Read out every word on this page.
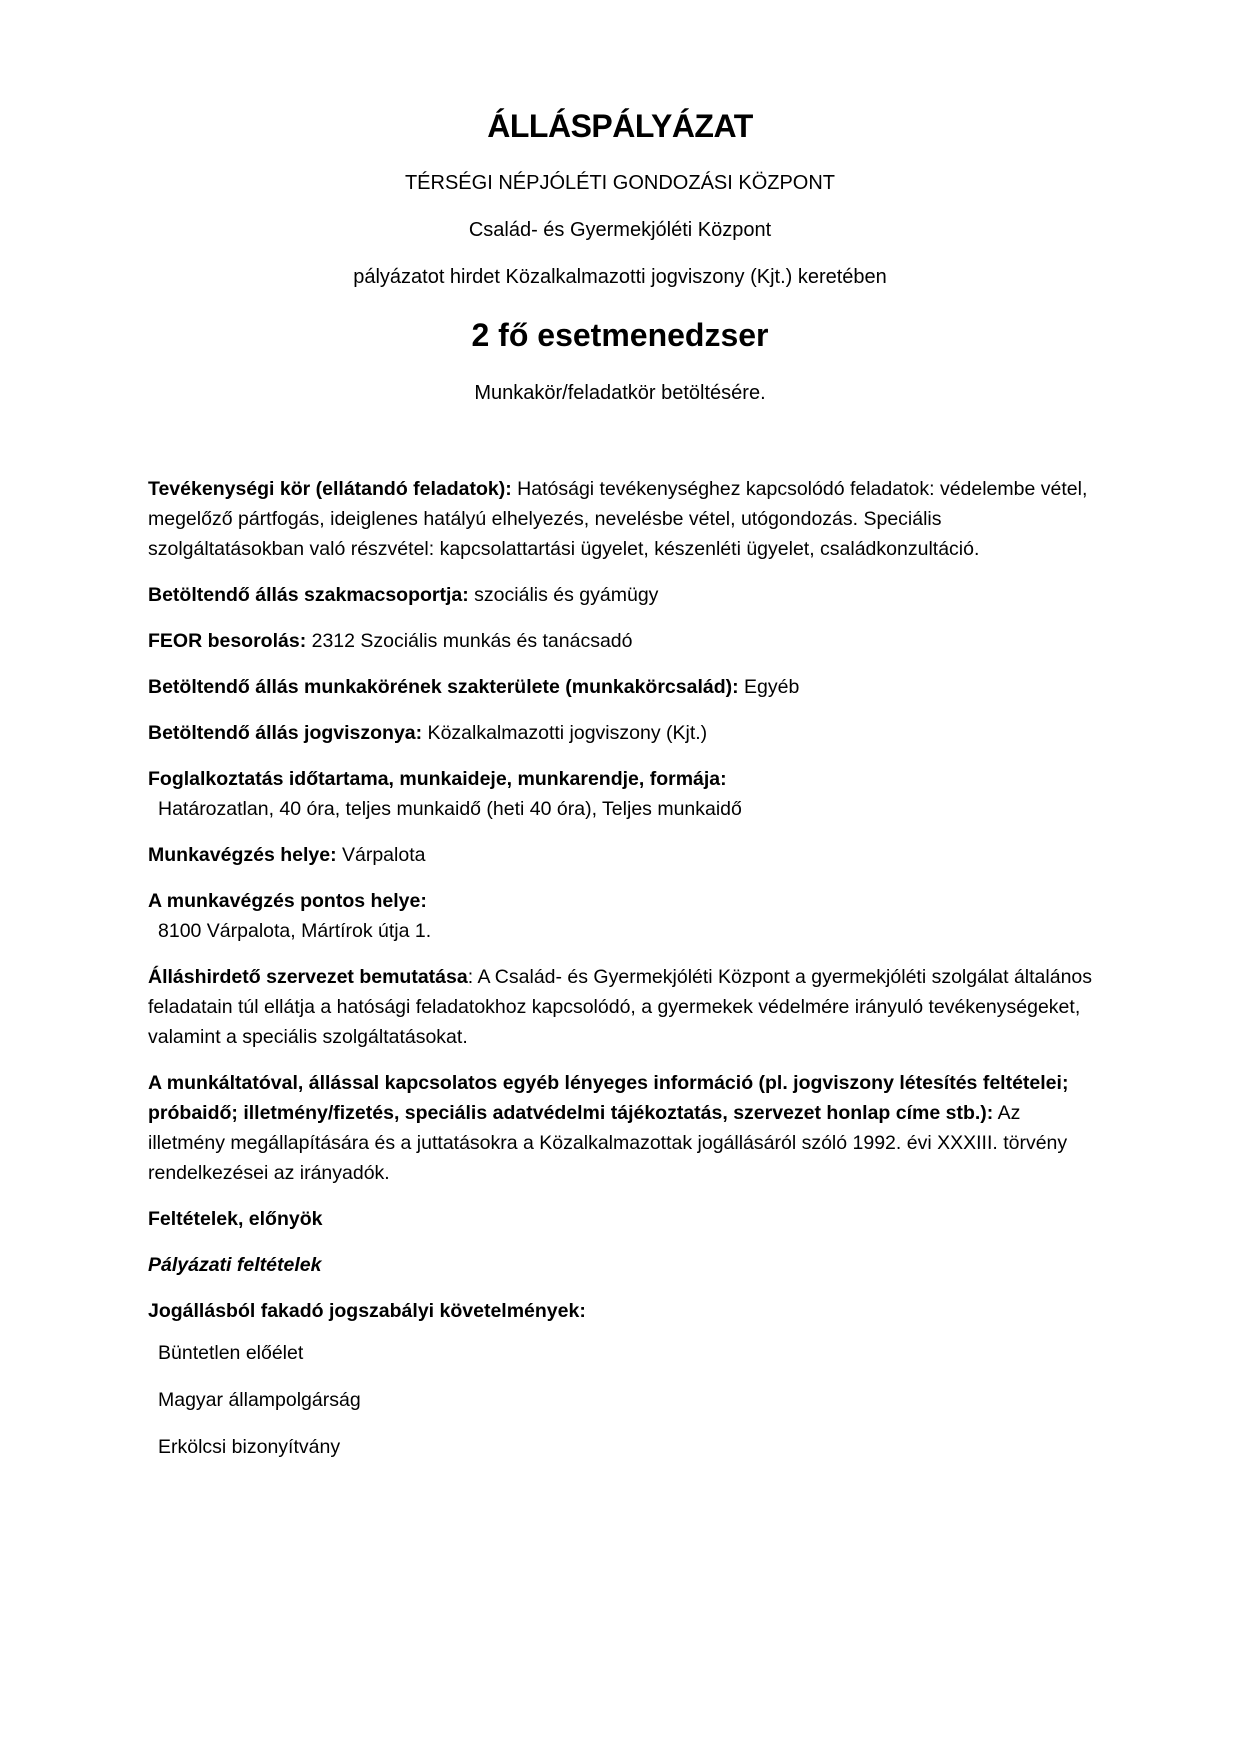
ÁLLÁSPÁLYÁZAT

TÉRSÉGI NÉPJÓLÉTI GONDOZÁSI KÖZPONT

Család- és Gyermekjóléti Központ

pályázatot hirdet Közalkalmazotti jogviszony (Kjt.) keretében

2 fő esetmenedzser

Munkakör/feladatkör betöltésére.

Tevékenységi kör (ellátandó feladatok): Hatósági tevékenységhez kapcsolódó feladatok: védelembe vétel, megelőző pártfogás, ideiglenes hatályú elhelyezés, nevelésbe vétel, utógondozás. Speciális szolgáltatásokban való részvétel: kapcsolattartási ügyelet, készenléti ügyelet, családkonzultáció.

Betöltendő állás szakmacsoportja: szociális és gyámügy

FEOR besorolás: 2312 Szociális munkás és tanácsadó

Betöltendő állás munkakörének szakterülete (munkakörcsalád): Egyéb

Betöltendő állás jogviszonya: Közalkalmazotti jogviszony (Kjt.)

Foglalkoztatás időtartama, munkaideje, munkarendje, formája:
Határozatlan, 40 óra, teljes munkaidő (heti 40 óra), Teljes munkaidő

Munkavégzés helye: Várpalota

A munkavégzés pontos helye:
8100 Várpalota, Mártírok útja 1.

Álláshirdető szervezet bemutatása: A Család- és Gyermekjóléti Központ a gyermekjóléti szolgálat általános feladatain túl ellátja a hatósági feladatokhoz kapcsolódó, a gyermekek védelmére irányuló tevékenységeket, valamint a speciális szolgáltatásokat.

A munkáltatóval, állással kapcsolatos egyéb lényeges információ (pl. jogviszony létesítés feltételei; próbaidő; illetmény/fizetés, speciális adatvédelmi tájékoztatás, szervezet honlap címe stb.): Az illetmény megállapítására és a juttatásokra a Közalkalmazottak jogállásáról szóló 1992. évi XXXIII. törvény rendelkezései az irányadók.

Feltételek, előnyök

Pályázati feltételek

Jogállásból fakadó jogszabályi követelmények:

Büntetlen előélet
Magyar állampolgárság
Erkölcsi bizonyítvány
